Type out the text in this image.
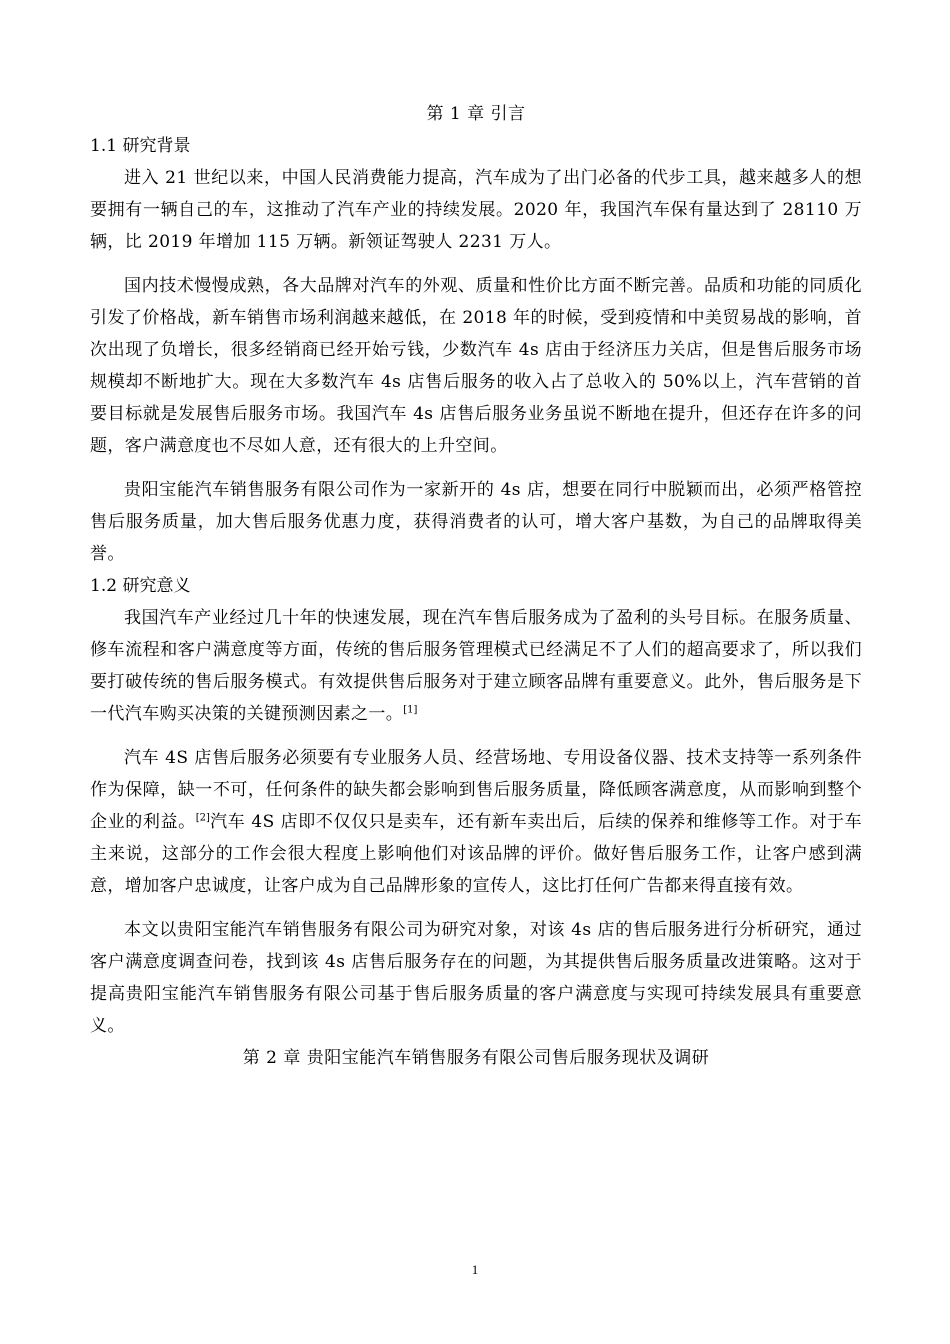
第 1 章 引言
1.1 研究背景

进入 21 世纪以来，中国人民消费能力提高，汽车成为了出门必备的代步工具，越来越多人的想要拥有一辆自己的车，这推动了汽车产业的持续发展。2020 年，我国汽车保有量达到了 28110 万辆，比 2019 年增加 115 万辆。新领证驾驶人 2231 万人。

国内技术慢慢成熟，各大品牌对汽车的外观、质量和性价比方面不断完善。品质和功能的同质化引发了价格战，新车销售市场利润越来越低，在 2018 年的时候，受到疫情和中美贸易战的影响，首次出现了负增长，很多经销商已经开始亏钱，少数汽车 4s 店由于经济压力关店，但是售后服务市场规模却不断地扩大。现在大多数汽车 4s 店售后服务的收入占了总收入的 50%以上，汽车营销的首要目标就是发展售后服务市场。我国汽车 4s 店售后服务业务虽说不断地在提升，但还存在许多的问题，客户满意度也不尽如人意，还有很大的上升空间。

贵阳宝能汽车销售服务有限公司作为一家新开的 4s 店，想要在同行中脱颖而出，必须严格管控售后服务质量，加大售后服务优惠力度，获得消费者的认可，增大客户基数，为自己的品牌取得美誉。

1.2 研究意义

我国汽车产业经过几十年的快速发展，现在汽车售后服务成为了盈利的头号目标。在服务质量、修车流程和客户满意度等方面，传统的售后服务管理模式已经满足不了人们的超高要求了，所以我们要打破传统的售后服务模式。有效提供售后服务对于建立顾客品牌有重要意义。此外，售后服务是下一代汽车购买决策的关键预测因素之一。[1]

汽车 4S 店售后服务必须要有专业服务人员、经营场地、专用设备仪器、技术支持等一系列条件作为保障，缺一不可，任何条件的缺失都会影响到售后服务质量，降低顾客满意度，从而影响到整个企业的利益。[2]汽车 4S 店即不仅仅只是卖车，还有新车卖出后，后续的保养和维修等工作。对于车主来说，这部分的工作会很大程度上影响他们对该品牌的评价。做好售后服务工作，让客户感到满意，增加客户忠诚度，让客户成为自己品牌形象的宣传人，这比打任何广告都来得直接有效。

本文以贵阳宝能汽车销售服务有限公司为研究对象，对该 4s 店的售后服务进行分析研究，通过客户满意度调查问卷，找到该 4s 店售后服务存在的问题，为其提供售后服务质量改进策略。这对于提高贵阳宝能汽车销售服务有限公司基于售后服务质量的客户满意度与实现可持续发展具有重要意义。

第 2 章 贵阳宝能汽车销售服务有限公司售后服务现状及调研
1
